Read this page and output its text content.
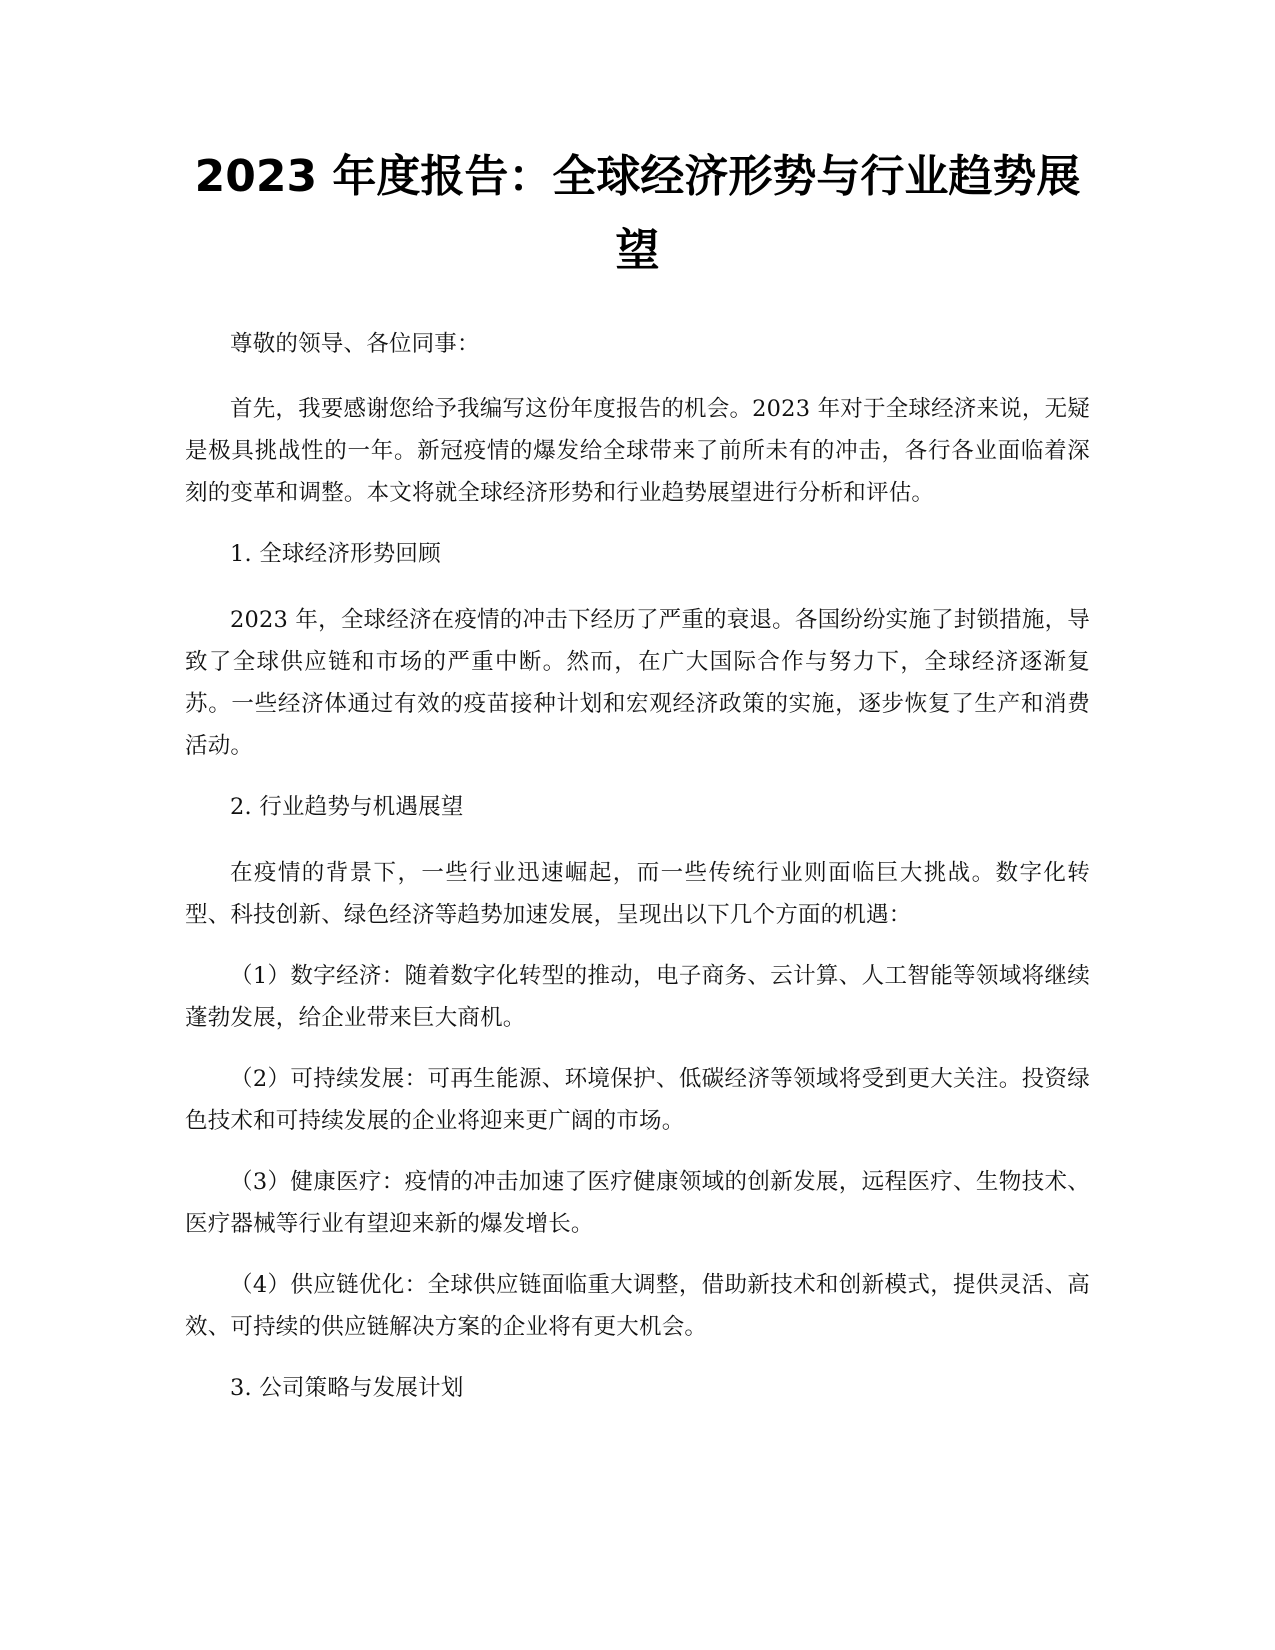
2023 年度报告：全球经济形势与行业趋势展望

尊敬的领导、各位同事：

首先，我要感谢您给予我编写这份年度报告的机会。2023 年对于全球经济来说，无疑是极具挑战性的一年。新冠疫情的爆发给全球带来了前所未有的冲击，各行各业面临着深刻的变革和调整。本文将就全球经济形势和行业趋势展望进行分析和评估。

1. 全球经济形势回顾

2023 年，全球经济在疫情的冲击下经历了严重的衰退。各国纷纷实施了封锁措施，导致了全球供应链和市场的严重中断。然而，在广大国际合作与努力下，全球经济逐渐复苏。一些经济体通过有效的疫苗接种计划和宏观经济政策的实施，逐步恢复了生产和消费活动。

2. 行业趋势与机遇展望

在疫情的背景下，一些行业迅速崛起，而一些传统行业则面临巨大挑战。数字化转型、科技创新、绿色经济等趋势加速发展，呈现出以下几个方面的机遇：

（1）数字经济：随着数字化转型的推动，电子商务、云计算、人工智能等领域将继续蓬勃发展，给企业带来巨大商机。

（2）可持续发展：可再生能源、环境保护、低碳经济等领域将受到更大关注。投资绿色技术和可持续发展的企业将迎来更广阔的市场。

（3）健康医疗：疫情的冲击加速了医疗健康领域的创新发展，远程医疗、生物技术、医疗器械等行业有望迎来新的爆发增长。

（4）供应链优化：全球供应链面临重大调整，借助新技术和创新模式，提供灵活、高效、可持续的供应链解决方案的企业将有更大机会。

3. 公司策略与发展计划
